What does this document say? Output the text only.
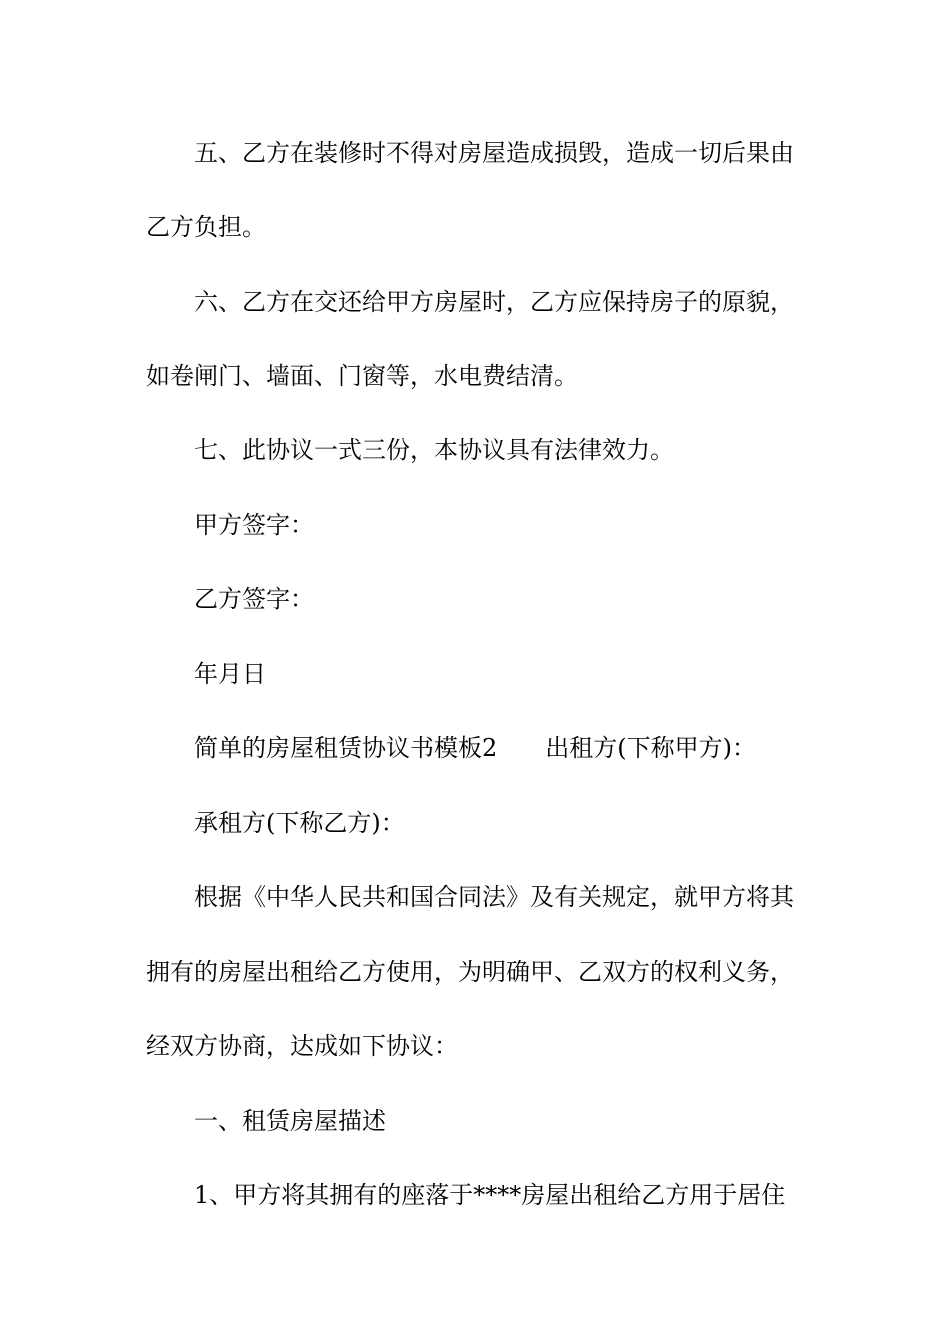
五、乙方在装修时不得对房屋造成损毁，造成一切后果由
乙方负担。
六、乙方在交还给甲方房屋时，乙方应保持房子的原貌，
如卷闸门、墙面、门窗等，水电费结清。
七、此协议一式三份，本协议具有法律效力。
甲方签字：
乙方签字：
年月日
简单的房屋租赁协议书模板2　　出租方(下称甲方)：
承租方(下称乙方)：
根据《中华人民共和国合同法》及有关规定，就甲方将其
拥有的房屋出租给乙方使用，为明确甲、乙双方的权利义务，
经双方协商，达成如下协议：
一、租赁房屋描述
1、甲方将其拥有的座落于****房屋出租给乙方用于居住
